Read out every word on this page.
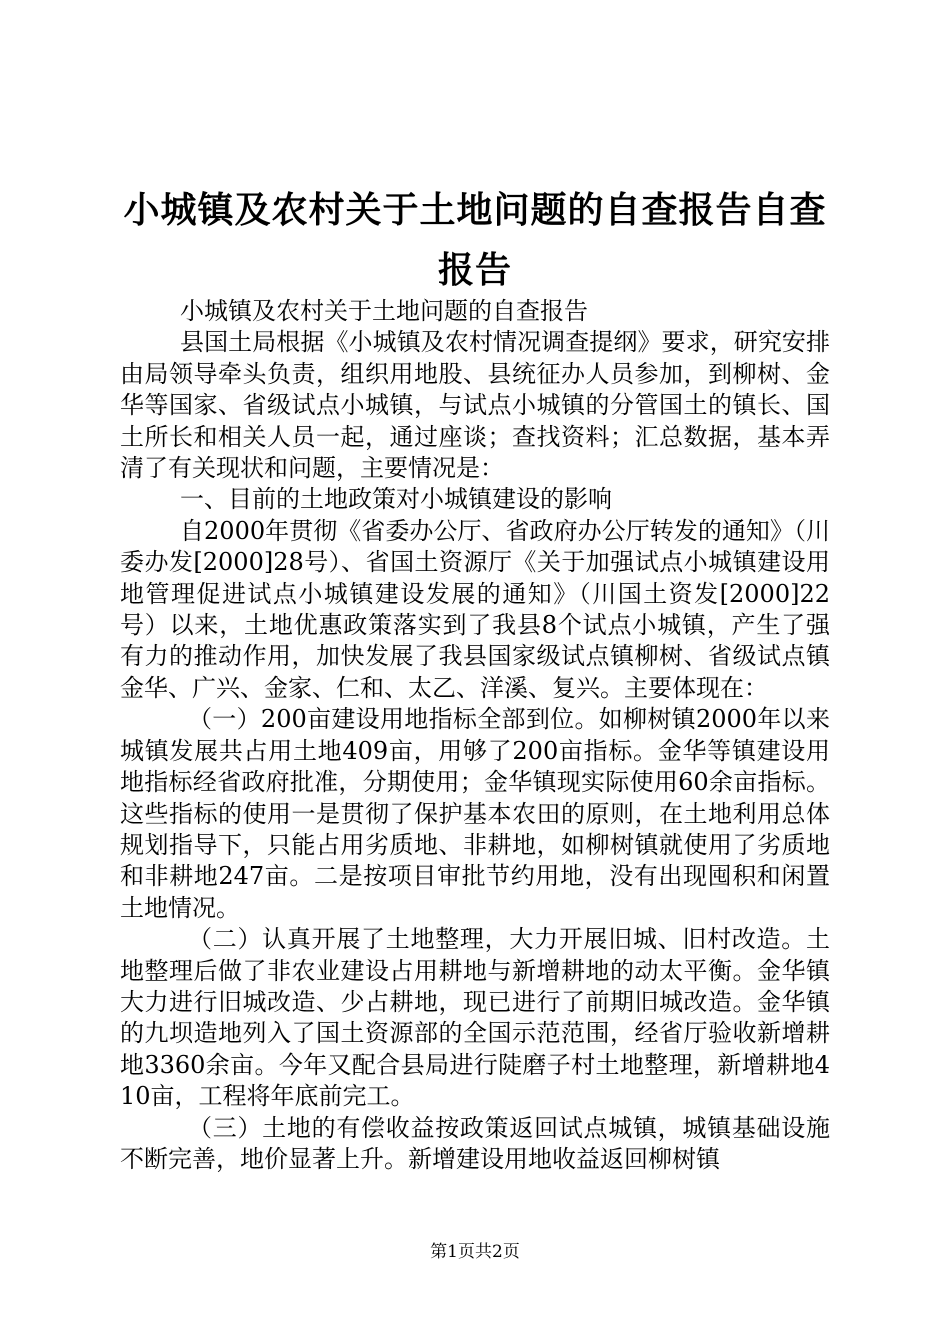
小城镇及农村关于土地问题的自查报告自查报告

小城镇及农村关于土地问题的自查报告

县国土局根据《小城镇及农村情况调查提纲》要求，研究安排由局领导牵头负责，组织用地股、县统征办人员参加，到柳树、金华等国家、省级试点小城镇，与试点小城镇的分管国土的镇长、国土所长和相关人员一起，通过座谈；查找资料；汇总数据，基本弄清了有关现状和问题，主要情况是：

一、目前的土地政策对小城镇建设的影响

自2000年贯彻《省委办公厅、省政府办公厅转发的通知》（川委办发[2000]28号）、省国土资源厅《关于加强试点小城镇建设用地管理促进试点小城镇建设发展的通知》（川国土资发[2000]22号）以来，土地优惠政策落实到了我县8个试点小城镇，产生了强有力的推动作用，加快发展了我县国家级试点镇柳树、省级试点镇金华、广兴、金家、仁和、太乙、洋溪、复兴。主要体现在：

（一）200亩建设用地指标全部到位。如柳树镇2000年以来城镇发展共占用土地409亩，用够了200亩指标。金华等镇建设用地指标经省政府批准，分期使用；金华镇现实际使用60余亩指标。这些指标的使用一是贯彻了保护基本农田的原则，在土地利用总体规划指导下，只能占用劣质地、非耕地，如柳树镇就使用了劣质地和非耕地247亩。二是按项目审批节约用地，没有出现囤积和闲置土地情况。

（二）认真开展了土地整理，大力开展旧城、旧村改造。土地整理后做了非农业建设占用耕地与新增耕地的动太平衡。金华镇大力进行旧城改造、少占耕地，现已进行了前期旧城改造。金华镇的九坝造地列入了国土资源部的全国示范范围，经省厅验收新增耕地3360余亩。今年又配合县局进行陡磨子村土地整理，新增耕地410亩，工程将年底前完工。

（三）土地的有偿收益按政策返回试点城镇，城镇基础设施不断完善，地价显著上升。新增建设用地收益返回柳树镇

第1页共2页
